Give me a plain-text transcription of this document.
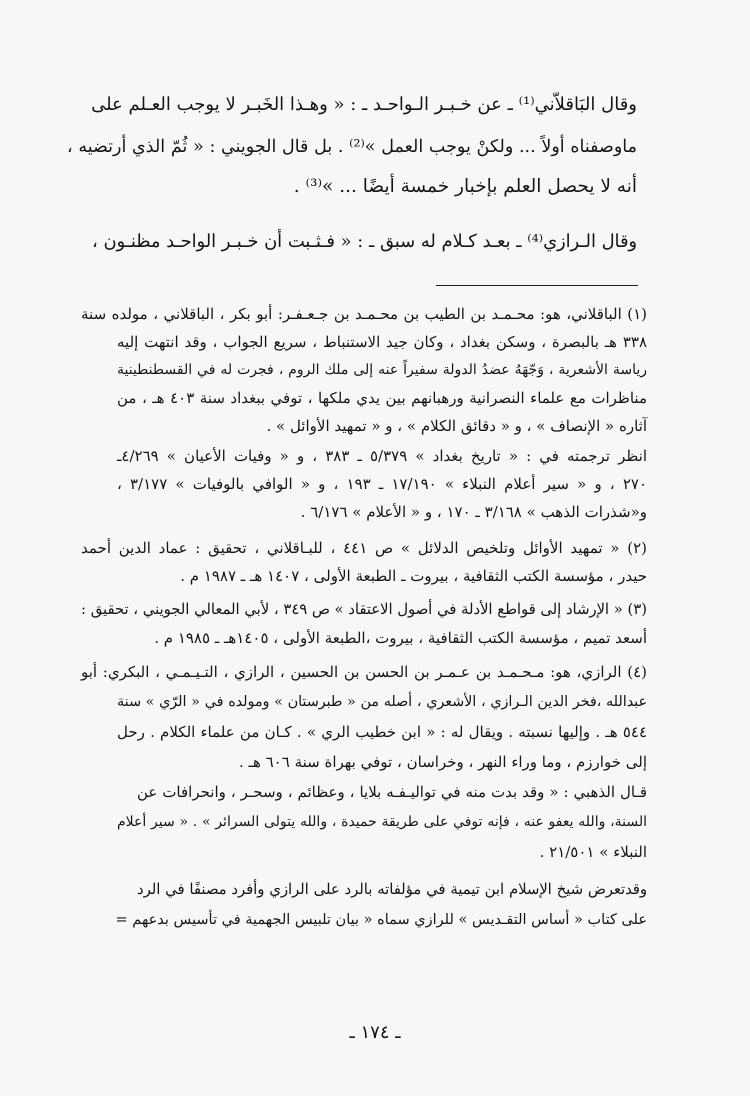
وقال البَاقلاّني⁽¹⁾ ـ عن خـبـر الـواحـد ـ : « وهـذا الخَبـر لا يوجب العـلم على
ماوصفناه أولاً ... ولكنْ يوجب العمل »⁽²⁾ . بل قال الجويني : « ثُمّ الذي أرتضيه ،
أنه لا يحصل العلم بإخبار خمسة أيضًا ... »⁽³⁾ .
وقال الـرازي⁽⁴⁾ ـ بعـد كـلام له سبق ـ : « فـثـبت أن خـبـر الواحـد مظنـون ،
(١) الباقلاني، هو: محـمـد بن الطيب بن محـمـد بن جـعـفـر: أبو بكر ، الباقلاني ، مولده سنة
٣٣٨ هـ بالبصرة ، وسكن بغداد ، وكان جيد الاستنباط ، سريع الجواب ، وقد انتهت إليه
رياسة الأشعرية ، وَجّهَهُ عضدُ الدولة سفيراً عنه إلى ملك الروم ، فجرت له في القسطنطينية
مناظرات مع علماء النصرانية ورهبانهم بين يدي ملكها ، توفي ببغداد سنة ٤٠٣ هـ ، من
آثاره « الإنصاف » ، و « دقائق الكلام » ، و « تمهيد الأوائل » .
انظر ترجمته في : « تاريخ بغداد » ٥/٣٧٩ ـ ٣٨٣ ، و « وفيات الأعيان » ٤/٢٦٩ـ
٢٧٠ ، و « سير أعلام النبلاء » ١٧/١٩٠ ـ ١٩٣ ، و « الوافي بالوفيات » ٣/١٧٧ ،
و«شذرات الذهب » ٣/١٦٨ ـ ١٧٠ ، و « الأعلام » ٦/١٧٦ .
(٢) « تمهيد الأوائل وتلخيص الدلائل » ص ٤٤١ ، للبـاقلاني ، تحقيق : عماد الدين أحمد
حيدر ، مؤسسة الكتب الثقافية ، بيروت ـ الطبعة الأولى ، ١٤٠٧ هـ ـ ١٩٨٧ م .
(٣) « الإرشاد إلى قواطع الأدلة في أصول الاعتقاد » ص ٣٤٩ ، لأبي المعالي الجويني ، تحقيق :
أسعد تميم ، مؤسسة الكتب الثقافية ، بيروت ،الطبعة الأولى ، ١٤٠٥هـ ـ ١٩٨٥ م .
(٤) الرازي، هو: مـحـمـد بن عـمـر بن الحسن بن الحسين ، الرازي ، التـيـمـي ، البكري: أبو
عبدالله ،فخر الدين الـرازي ، الأشعري ، أصله من « طبرستان » ومولده في « الرّي » سنة
٥٤٤ هـ . وإليها نسبته . ويقال له : « ابن خطيب الري » . كـان من علماء الكلام . رحل
إلى خوارزم ، وما وراء النهر ، وخراسان ، توفي بهراة سنة ٦٠٦ هـ .
قـال الذهبي : « وقد بدت منه في تواليـفـه بلايا ، وعظائم ، وسحـر ، وانحرافات عن
السنة، والله يعفو عنه ، فإنه توفي على طريقة حميدة ، والله يتولى السرائر » . « سير أعلام
النبلاء » ٢١/٥٠١ .
وقدتعرض شيخ الإسلام ابن تيمية في مؤلفاته بالرد على الرازي وأفرد مصنفًا في الرد
على كتاب « أساس التقـديس » للرازي سماه « بيان تلبيس الجهمية في تأسيس بدعهم =
ـ ١٧٤ ـ
